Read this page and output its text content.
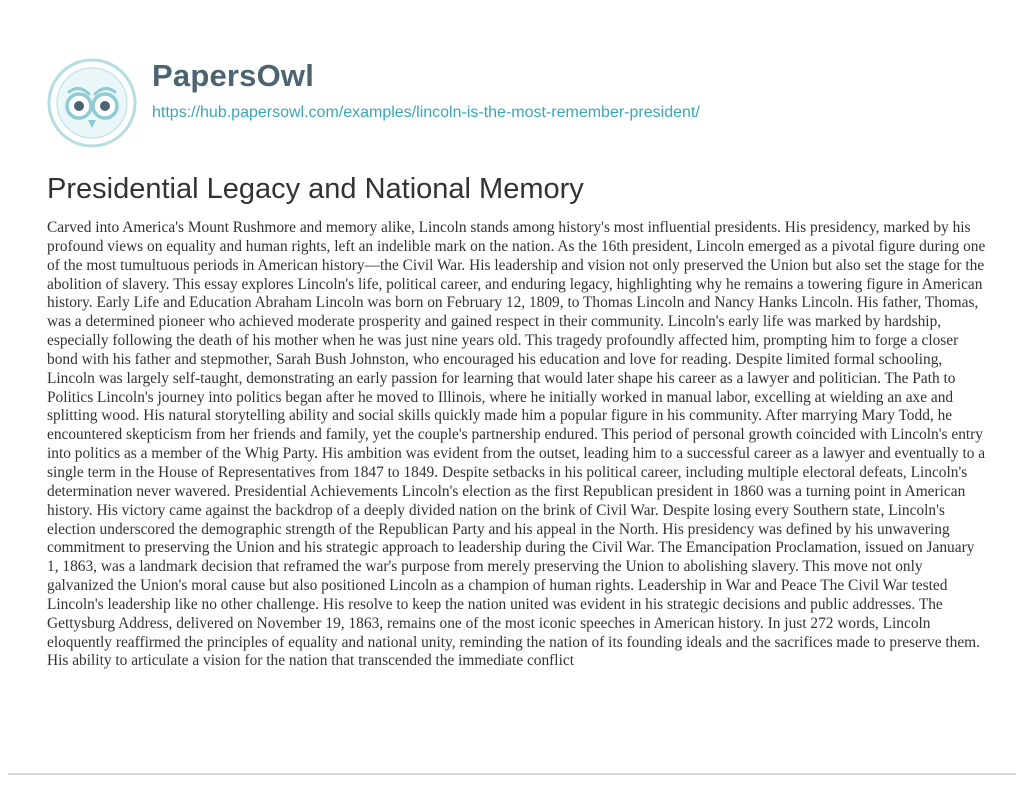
PapersOwl
https://hub.papersowl.com/examples/lincoln-is-the-most-remember-president/
Presidential Legacy and National Memory

Carved into America's Mount Rushmore and memory alike, Lincoln stands among history's most influential presidents. His presidency, marked by his profound views on equality and human rights, left an indelible mark on the nation. As the 16th president, Lincoln emerged as a pivotal figure during one of the most tumultuous periods in American history—the Civil War. His leadership and vision not only preserved the Union but also set the stage for the abolition of slavery. This essay explores Lincoln's life, political career, and enduring legacy, highlighting why he remains a towering figure in American history. Early Life and Education Abraham Lincoln was born on February 12, 1809, to Thomas Lincoln and Nancy Hanks Lincoln. His father, Thomas, was a determined pioneer who achieved moderate prosperity and gained respect in their community. Lincoln's early life was marked by hardship, especially following the death of his mother when he was just nine years old. This tragedy profoundly affected him, prompting him to forge a closer bond with his father and stepmother, Sarah Bush Johnston, who encouraged his education and love for reading. Despite limited formal schooling, Lincoln was largely self-taught, demonstrating an early passion for learning that would later shape his career as a lawyer and politician. The Path to Politics Lincoln's journey into politics began after he moved to Illinois, where he initially worked in manual labor, excelling at wielding an axe and splitting wood. His natural storytelling ability and social skills quickly made him a popular figure in his community. After marrying Mary Todd, he encountered skepticism from her friends and family, yet the couple's partnership endured. This period of personal growth coincided with Lincoln's entry into politics as a member of the Whig Party. His ambition was evident from the outset, leading him to a successful career as a lawyer and eventually to a single term in the House of Representatives from 1847 to 1849. Despite setbacks in his political career, including multiple electoral defeats, Lincoln's determination never wavered. Presidential Achievements Lincoln's election as the first Republican president in 1860 was a turning point in American history. His victory came against the backdrop of a deeply divided nation on the brink of Civil War. Despite losing every Southern state, Lincoln's election underscored the demographic strength of the Republican Party and his appeal in the North. His presidency was defined by his unwavering commitment to preserving the Union and his strategic approach to leadership during the Civil War. The Emancipation Proclamation, issued on January 1, 1863, was a landmark decision that reframed the war's purpose from merely preserving the Union to abolishing slavery. This move not only galvanized the Union's moral cause but also positioned Lincoln as a champion of human rights. Leadership in War and Peace The Civil War tested Lincoln's leadership like no other challenge. His resolve to keep the nation united was evident in his strategic decisions and public addresses. The Gettysburg Address, delivered on November 19, 1863, remains one of the most iconic speeches in American history. In just 272 words, Lincoln eloquently reaffirmed the principles of equality and national unity, reminding the nation of its founding ideals and the sacrifices made to preserve them. His ability to articulate a vision for the nation that transcended the immediate conflict
